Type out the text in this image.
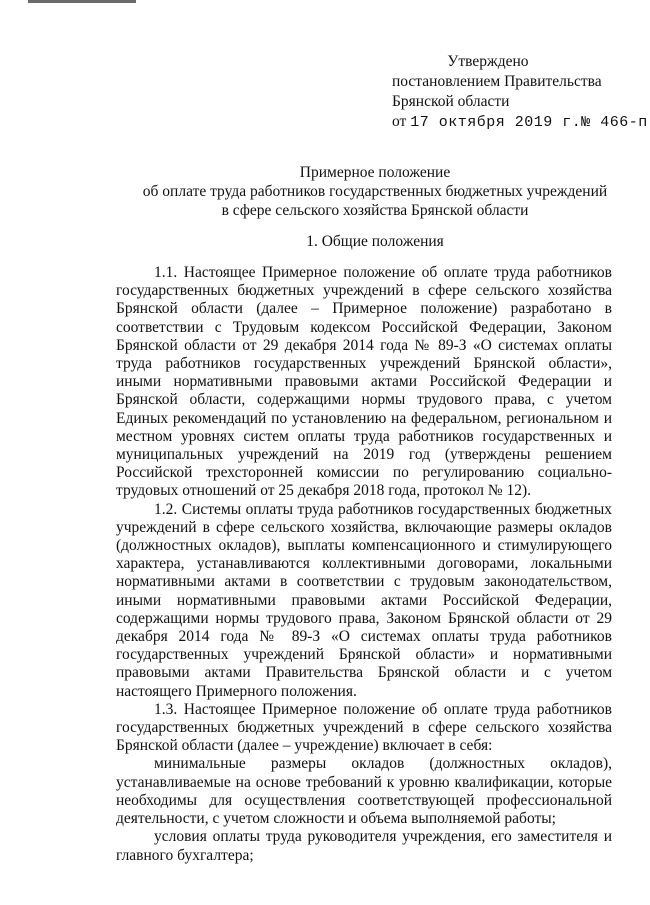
Утверждено
постановлением Правительства
Брянской области
от 17 октября 2019 г.№ 466-п
Примерное положение
об оплате труда работников государственных бюджетных учреждений
в сфере сельского хозяйства Брянской области
1. Общие положения

1.1. Настоящее Примерное положение об оплате труда работников государственных бюджетных учреждений в сфере сельского хозяйства Брянской области (далее – Примерное положение) разработано в соответствии с Трудовым кодексом Российской Федерации, Законом Брянской области от 29 декабря 2014 года № 89-З «О системах оплаты труда работников государственных учреждений Брянской области», иными нормативными правовыми актами Российской Федерации и Брянской области, содержащими нормы трудового права, с учетом Единых рекомендаций по установлению на федеральном, региональном и местном уровнях систем оплаты труда работников государственных и муниципальных учреждений на 2019 год (утверждены решением Российской трехсторонней комиссии по регулированию социально-трудовых отношений от 25 декабря 2018 года, протокол № 12).

1.2. Системы оплаты труда работников государственных бюджетных учреждений в сфере сельского хозяйства, включающие размеры окладов (должностных окладов), выплаты компенсационного и стимулирующего характера, устанавливаются коллективными договорами, локальными нормативными актами в соответствии с трудовым законодательством, иными нормативными правовыми актами Российской Федерации, содержащими нормы трудового права, Законом Брянской области от 29 декабря 2014 года № 89-З «О системах оплаты труда работников государственных учреждений Брянской области» и нормативными правовыми актами Правительства Брянской области и с учетом настоящего Примерного положения.

1.3. Настоящее Примерное положение об оплате труда работников государственных бюджетных учреждений в сфере сельского хозяйства Брянской области (далее – учреждение) включает в себя:

минимальные размеры окладов (должностных окладов), устанавливаемые на основе требований к уровню квалификации, которые необходимы для осуществления соответствующей профессиональной деятельности, с учетом сложности и объема выполняемой работы;

условия оплаты труда руководителя учреждения, его заместителя и главного бухгалтера;
